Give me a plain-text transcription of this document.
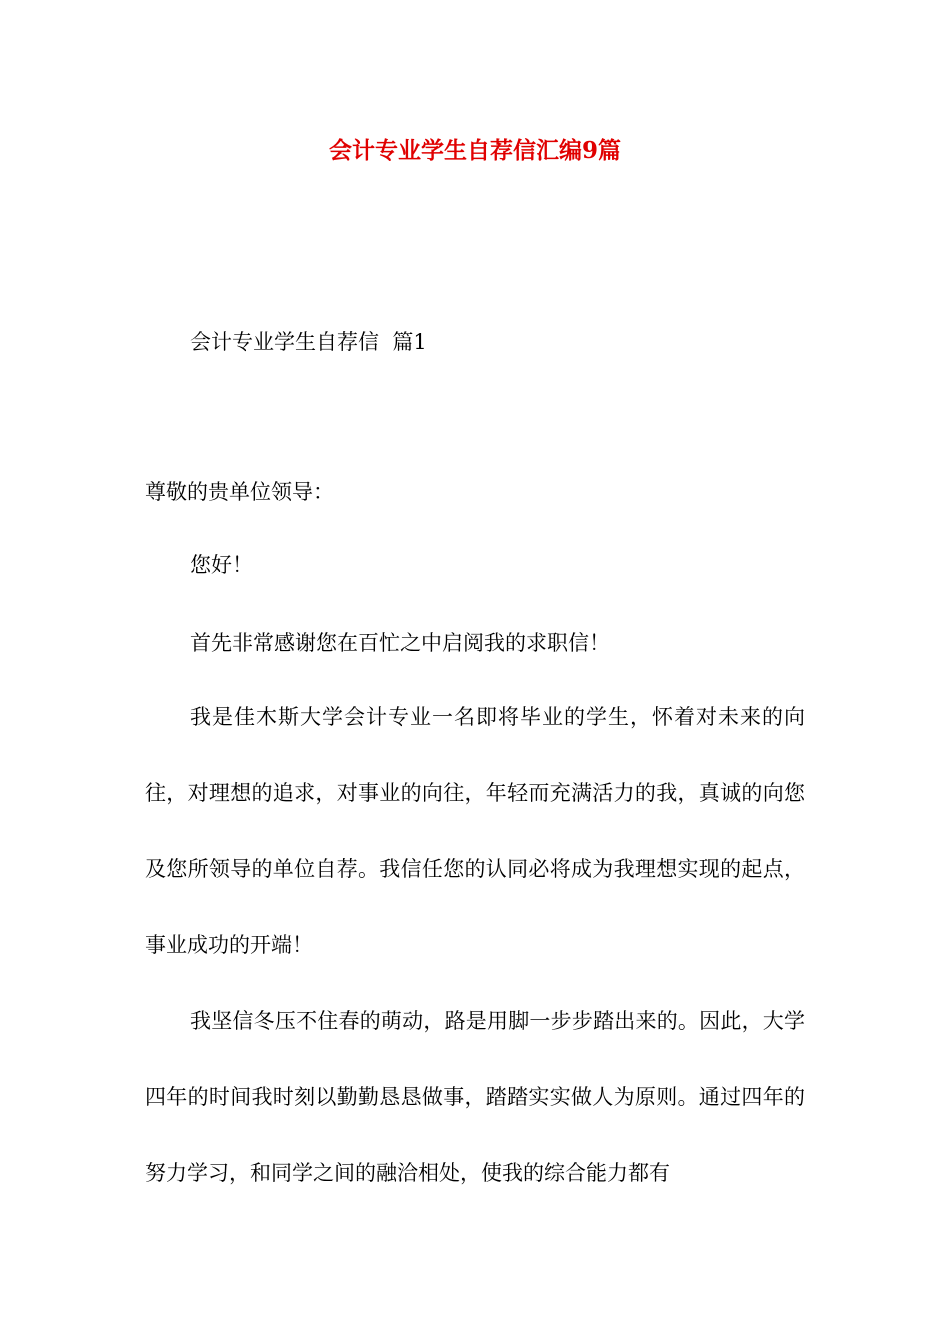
会计专业学生自荐信汇编9篇

会计专业学生自荐信  篇1

尊敬的贵单位领导：

您好！

首先非常感谢您在百忙之中启阅我的求职信！

我是佳木斯大学会计专业一名即将毕业的学生，怀着对未来的向往，对理想的追求，对事业的向往，年轻而充满活力的我，真诚的向您及您所领导的单位自荐。我信任您的认同必将成为我理想实现的起点，事业成功的开端！

我坚信冬压不住春的萌动，路是用脚一步步踏出来的。因此，大学四年的时间我时刻以勤勤恳恳做事，踏踏实实做人为原则。通过四年的努力学习，和同学之间的融洽相处，使我的综合能力都有
